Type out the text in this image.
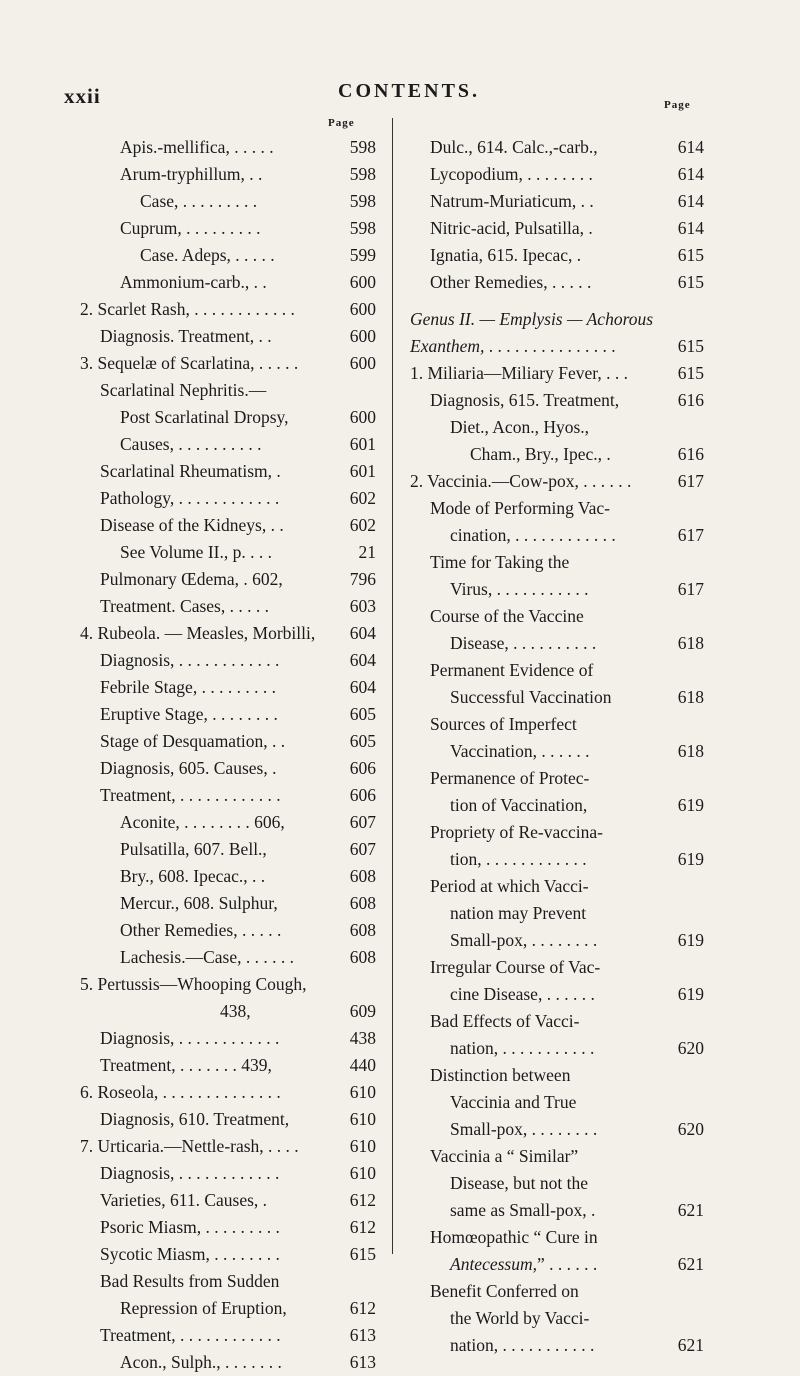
xxii	CONTENTS.
Page
Page
Apis.-mellifica, . . . . .	598
Arum-tryphillum, . .	598
Case, . . . . . . . . .	598
Cuprum, . . . . . . . . .	598
Case. Adeps, . . . . .	599
Ammonium-carb., . .	600
2. Scarlet Rash, . . . . . . . . . . . .	600
Diagnosis. Treatment, . .	600
3. Sequelæ of Scarlatina, . . . . .	600
Scarlatinal Nephritis.—
Post Scarlatinal Dropsy,	600
Causes, . . . . . . . . . .	601
Scarlatinal Rheumatism, .	601
Pathology, . . . . . . . . . . . .	602
Disease of the Kidneys, . .	602
See Volume II., p. . . .	21
Pulmonary Œdema, . 602,	796
Treatment. Cases, . . . . .	603
4. Rubeola. — Measles, Morbilli, 604
Diagnosis, . . . . . . . . . . . .	604
Febrile Stage, . . . . . . . . .	604
Eruptive Stage, . . . . . . . .	605
Stage of Desquamation, . .	605
Diagnosis, 605. Causes, .	606
Treatment, . . . . . . . . . . . .	606
Aconite, . . . . . . . . 606,	607
Pulsatilla, 607. Bell.,	607
Bry., 608. Ipecac., . .	608
Mercur., 608. Sulphur,	608
Other Remedies, . . . . .	608
Lachesis.—Case, . . . . . .	608
5. Pertussis—Whooping Cough,
438,	609
Diagnosis, . . . . . . . . . . . .	438
Treatment, . . . . . . . 439,	440
6. Roseola, . . . . . . . . . . . . . .	610
Diagnosis, 610. Treatment,	610
7. Urticaria.—Nettle-rash, . . . .	610
Diagnosis, . . . . . . . . . . . .	610
Varieties, 611. Causes, .	612
Psoric Miasm, . . . . . . . . .	612
Sycotic Miasm, . . . . . . . .	615
Bad Results from Sudden
Repression of Eruption,	612
Treatment, . . . . . . . . . . . .	613
Acon., Sulph., . . . . . . .	613
Dulc., 614. Calc.,-carb.,	614
Lycopodium, . . . . . . . .	614
Natrum-Muriaticum, . .	614
Nitric-acid, Pulsatilla, .	614
Ignatia, 615. Ipecac, .	615
Other Remedies, . . . . .	615
Genus II. — Emplysis — Achorous
Exanthem, . . . . . . . . . . . . . . .	615
1. Miliaria—Miliary Fever, . . .	615
Diagnosis, 615. Treatment,	616
Diet., Acon., Hyos.,
Cham., Bry., Ipec., .	616
2. Vaccinia.—Cow-pox, . . . . . .	617
Mode of Performing Vac-
cination, . . . . . . . . . . . .	617
Time for Taking the
Virus, . . . . . . . . . . .	617
Course of the Vaccine
Disease, . . . . . . . . . .	618
Permanent Evidence of
Successful Vaccination	618
Sources of Imperfect
Vaccination, . . . . . .	618
Permanence of Protec-
tion of Vaccination,	619
Propriety of Re-vaccina-
tion, . . . . . . . . . . . .	619
Period at which Vacci-
nation may Prevent
Small-pox, . . . . . . . .	619
Irregular Course of Vac-
cine Disease, . . . . . .	619
Bad Effects of Vacci-
nation, . . . . . . . . . . .	620
Distinction between
Vaccinia and True
Small-pox, . . . . . . . .	620
Vaccinia a “ Similar”
Disease, but not the
same as Small-pox, .	621
Homœopathic “ Cure in
Antecessum,” . . . . . .	621
Benefit Conferred on
the World by Vacci-
nation, . . . . . . . . . . .	621
